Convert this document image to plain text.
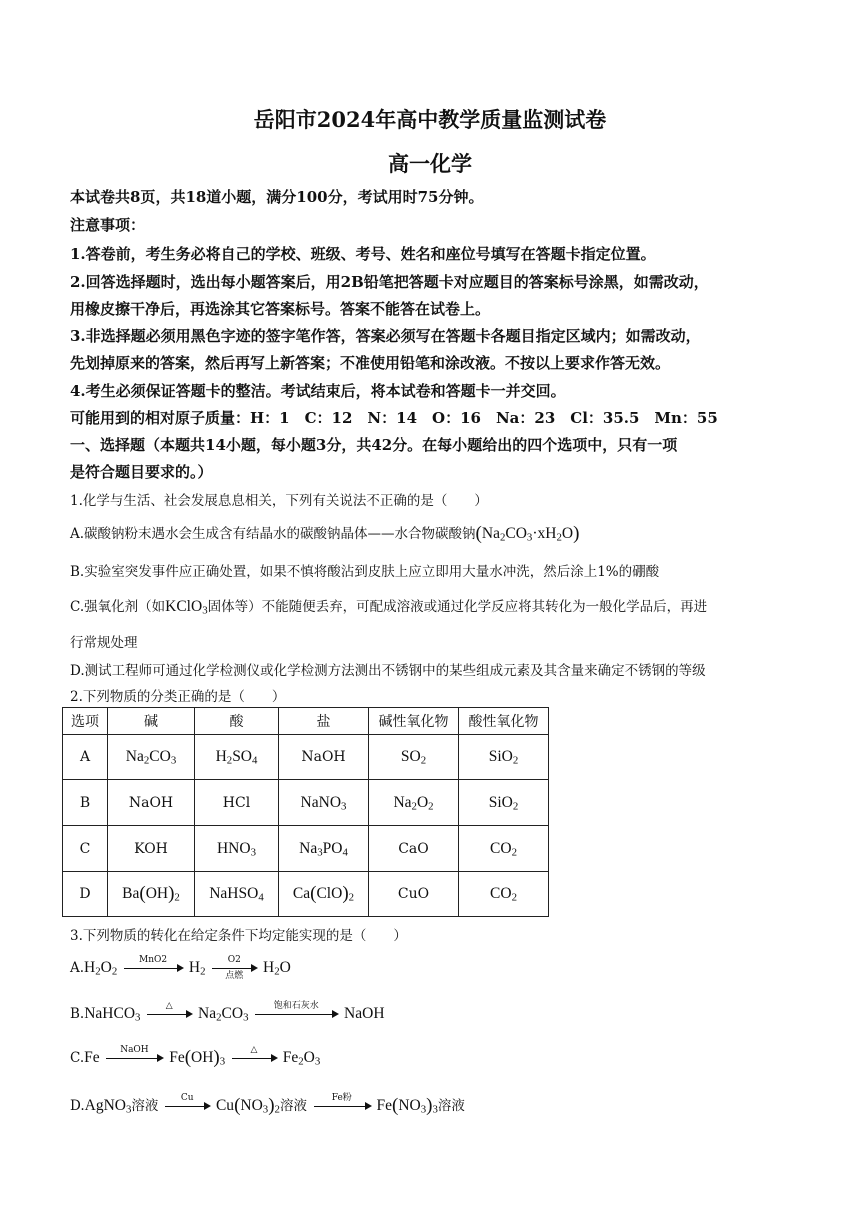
岳阳市2024年高中教学质量监测试卷
高一化学
本试卷共8页，共18道小题，满分100分，考试用时75分钟。
注意事项：
1.答卷前，考生务必将自己的学校、班级、考号、姓名和座位号填写在答题卡指定位置。
2.回答选择题时，选出每小题答案后，用2B铅笔把答题卡对应题目的答案标号涂黑，如需改动，
用橡皮擦干净后，再选涂其它答案标号。答案不能答在试卷上。
3.非选择题必须用黑色字迹的签字笔作答，答案必须写在答题卡各题目指定区域内；如需改动，
先划掉原来的答案，然后再写上新答案；不准使用铅笔和涂改液。不按以上要求作答无效。
4.考生必须保证答题卡的整洁。考试结束后，将本试卷和答题卡一并交回。
可能用到的相对原子质量：H：1　C：12　N：14　O：16　Na：23　Cl：35.5　Mn：55
一、选择题（本题共14小题，每小题3分，共42分。在每小题给出的四个选项中，只有一项
是符合题目要求的。）
1.化学与生活、社会发展息息相关，下列有关说法不正确的是（　　）
A.碳酸钠粉末遇水会生成含有结晶水的碳酸钠晶体——水合物碳酸钠$(Na_2CO_3\cdot xH_2O)$
B.实验室突发事件应正确处置，如果不慎将酸沾到皮肤上应立即用大量水冲洗，然后涂上1%的硼酸
C.强氧化剂（如KClO$_3$固体等）不能随便丢弃，可配成溶液或通过化学反应将其转化为一般化学品后，再进
行常规处理
D.测试工程师可通过化学检测仪或化学检测方法测出不锈钢中的某些组成元素及其含量来确定不锈钢的等级
2.下列物质的分类正确的是（　　）
选项	碱	酸	盐	碱性氧化物	酸性氧化物
A	$Na_2CO_3$	$H_2SO_4$	NaOH	$SO_2$	SiO$_2$
B	NaOH	HCl	NaNO$_3$	$Na_2O_2$	SiO$_2$
C	KOH	$HNO_3$	$Na_3PO_4$	CaO	$CO_2$
D	$Ba(OH)_2$	NaHSO$_4$	$Ca(ClO)_2$	CuO	$CO_2$
3.下列物质的转化在给定条件下均定能实现的是（　　）
$A.H_2O_2$
MnO2	$H_2$
O2
点燃	$H_2O$
B.NaHCO$_3$
△	$Na_2CO_3$
饱和石灰水	NaOH
C.Fe	NaOH	$Fe(OH)_3$
△	$Fe_2O_3$
D.AgNO$_3$溶液
Cu	$Cu(NO_3)_2$溶液
Fe粉	$Fe(NO_3)_3$溶液
